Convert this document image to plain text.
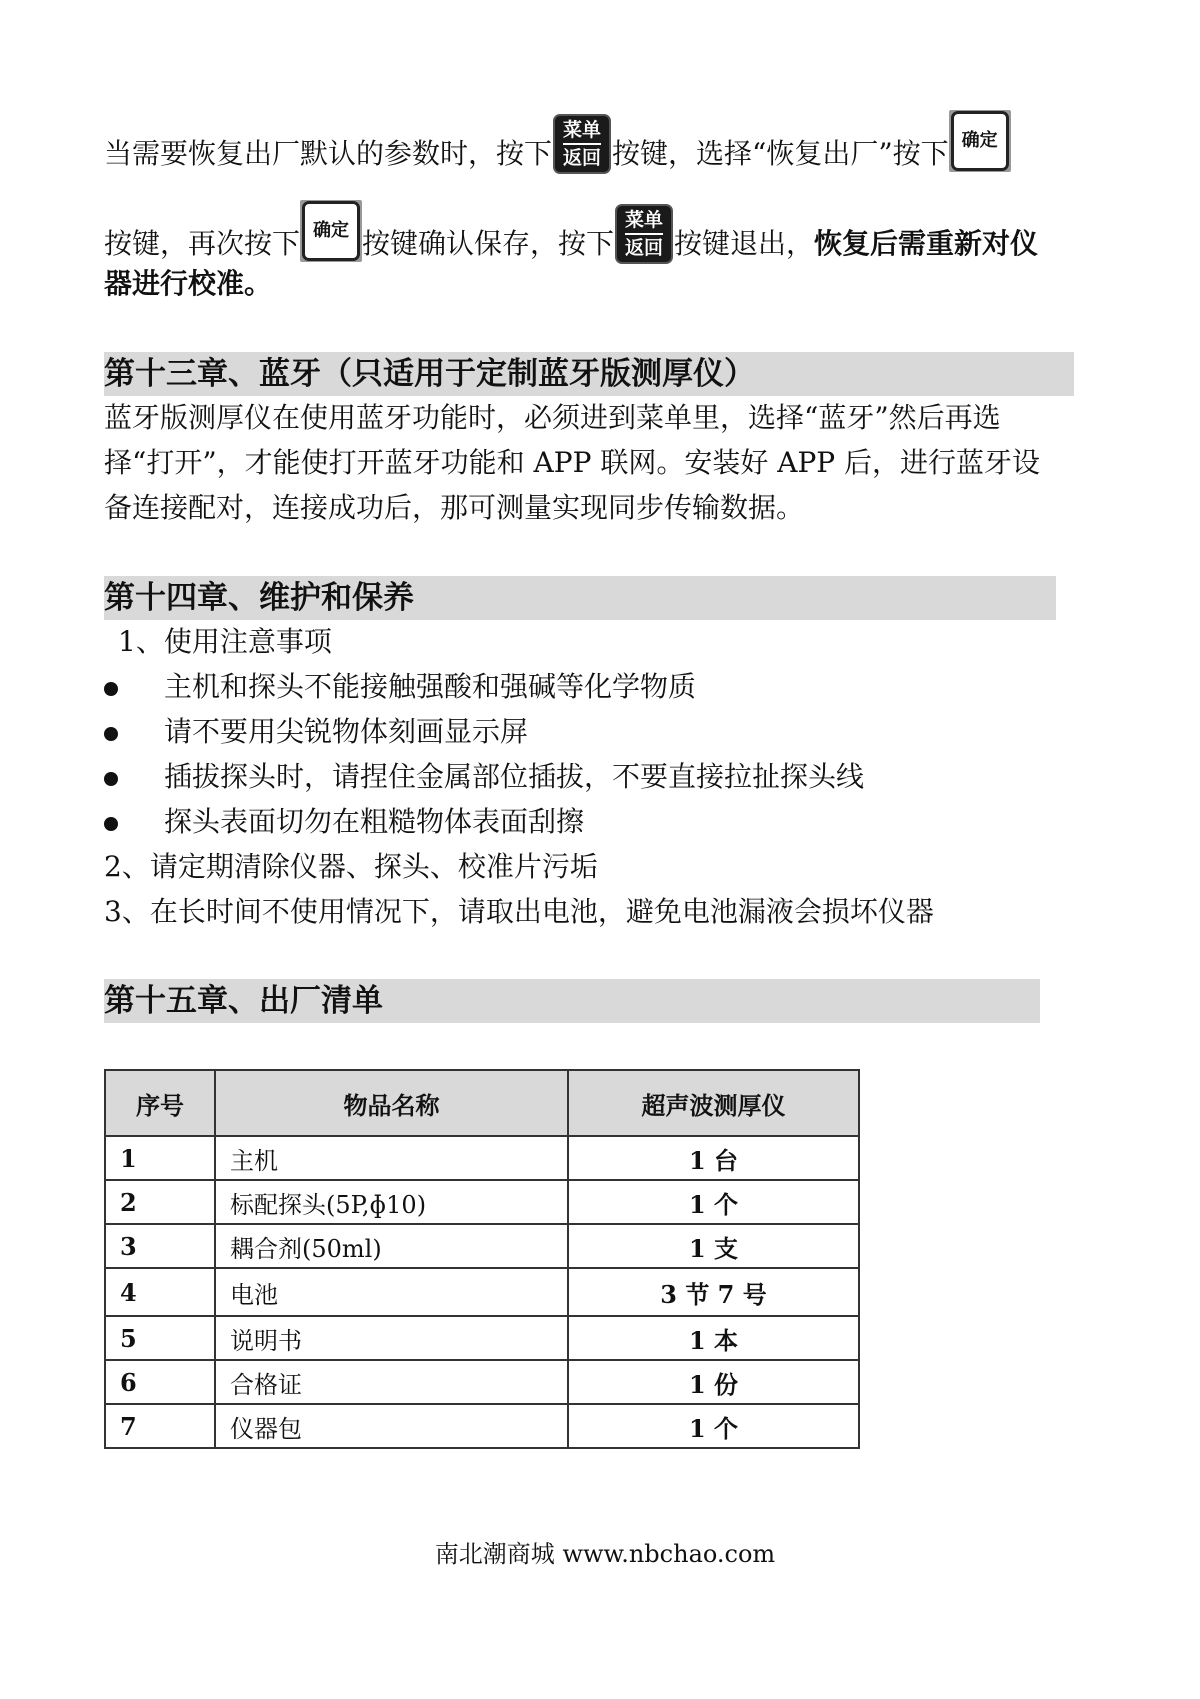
当需要恢复出厂默认的参数时，按下菜单
返回 按键，选择“恢复出厂”按下 确定
按键，再次按下 确定 按键确认保存，按下菜单
返回 按键退出，恢复后需重新对仪
器进行校准。
第十三章、蓝牙（只适用于定制蓝牙版测厚仪）
蓝牙版测厚仪在使用蓝牙功能时，必须进到菜单里，选择“蓝牙”然后再选
择“打开”，才能使打开蓝牙功能和 APP 联网。安装好 APP 后，进行蓝牙设
备连接配对，连接成功后，那可测量实现同步传输数据。
第十四章、维护和保养
1、使用注意事项
主机和探头不能接触强酸和强碱等化学物质
请不要用尖锐物体刻画显示屏
插拔探头时，请捏住金属部位插拔，不要直接拉扯探头线
探头表面切勿在粗糙物体表面刮擦
2、请定期清除仪器、探头、校准片污垢
3、在长时间不使用情况下，请取出电池，避免电池漏液会损坏仪器
第十五章、出厂清单
序号	物品名称	超声波测厚仪
1	主机	1 台
2	标配探头(5P,ɸ10)	1 个
3	耦合剂(50ml)	1 支
4	电池	3 节 7 号
5	说明书	1 本
6	合格证	1 份
7	仪器包	1 个
南北潮商城 www.nbchao.com
